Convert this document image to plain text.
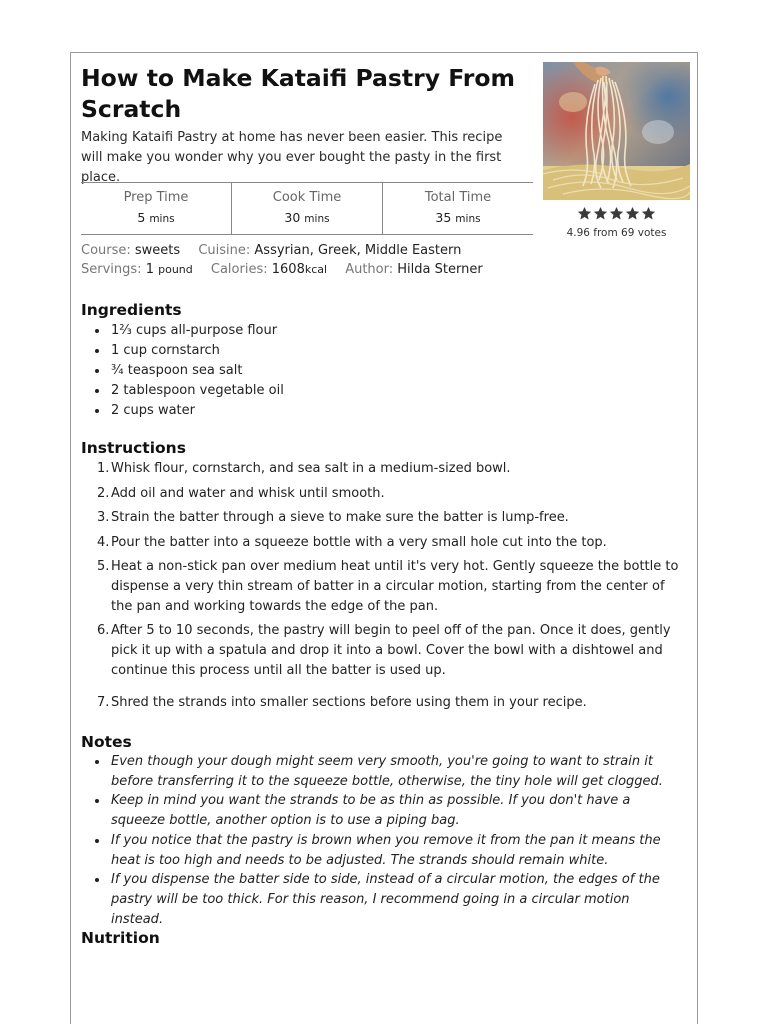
How to Make Kataifi Pastry From Scratch

Making Kataifi Pastry at home has never been easier. This recipe will make you wonder why you ever bought the pasty in the first place.

Prep Time
5 mins
Cook Time
30 mins
Total Time
35 mins
4.96 from 69 votes
Course: sweets Cuisine: Assyrian, Greek, Middle Eastern
Servings: 1 pound Calories: 1608kcal Author: Hilda Sterner
Ingredients
1⅔ cups all-purpose flour
1 cup cornstarch
¾ teaspoon sea salt
2 tablespoon vegetable oil
2 cups water
Instructions
1. Whisk flour, cornstarch, and sea salt in a medium-sized bowl.
2. Add oil and water and whisk until smooth.
3. Strain the batter through a sieve to make sure the batter is lump-free.
4. Pour the batter into a squeeze bottle with a very small hole cut into the top.
5. Heat a non-stick pan over medium heat until it's very hot. Gently squeeze the bottle to dispense a very thin stream of batter in a circular motion, starting from the center of the pan and working towards the edge of the pan.
6. After 5 to 10 seconds, the pastry will begin to peel off of the pan. Once it does, gently pick it up with a spatula and drop it into a bowl. Cover the bowl with a dishtowel and continue this process until all the batter is used up.
7. Shred the strands into smaller sections before using them in your recipe.
Notes
Even though your dough might seem very smooth, you're going to want to strain it before transferring it to the squeeze bottle, otherwise, the tiny hole will get clogged.
Keep in mind you want the strands to be as thin as possible. If you don't have a squeeze bottle, another option is to use a piping bag.
If you notice that the pastry is brown when you remove it from the pan it means the heat is too high and needs to be adjusted. The strands should remain white.
If you dispense the batter side to side, instead of a circular motion, the edges of the pastry will be too thick. For this reason, I recommend going in a circular motion instead.
Nutrition
